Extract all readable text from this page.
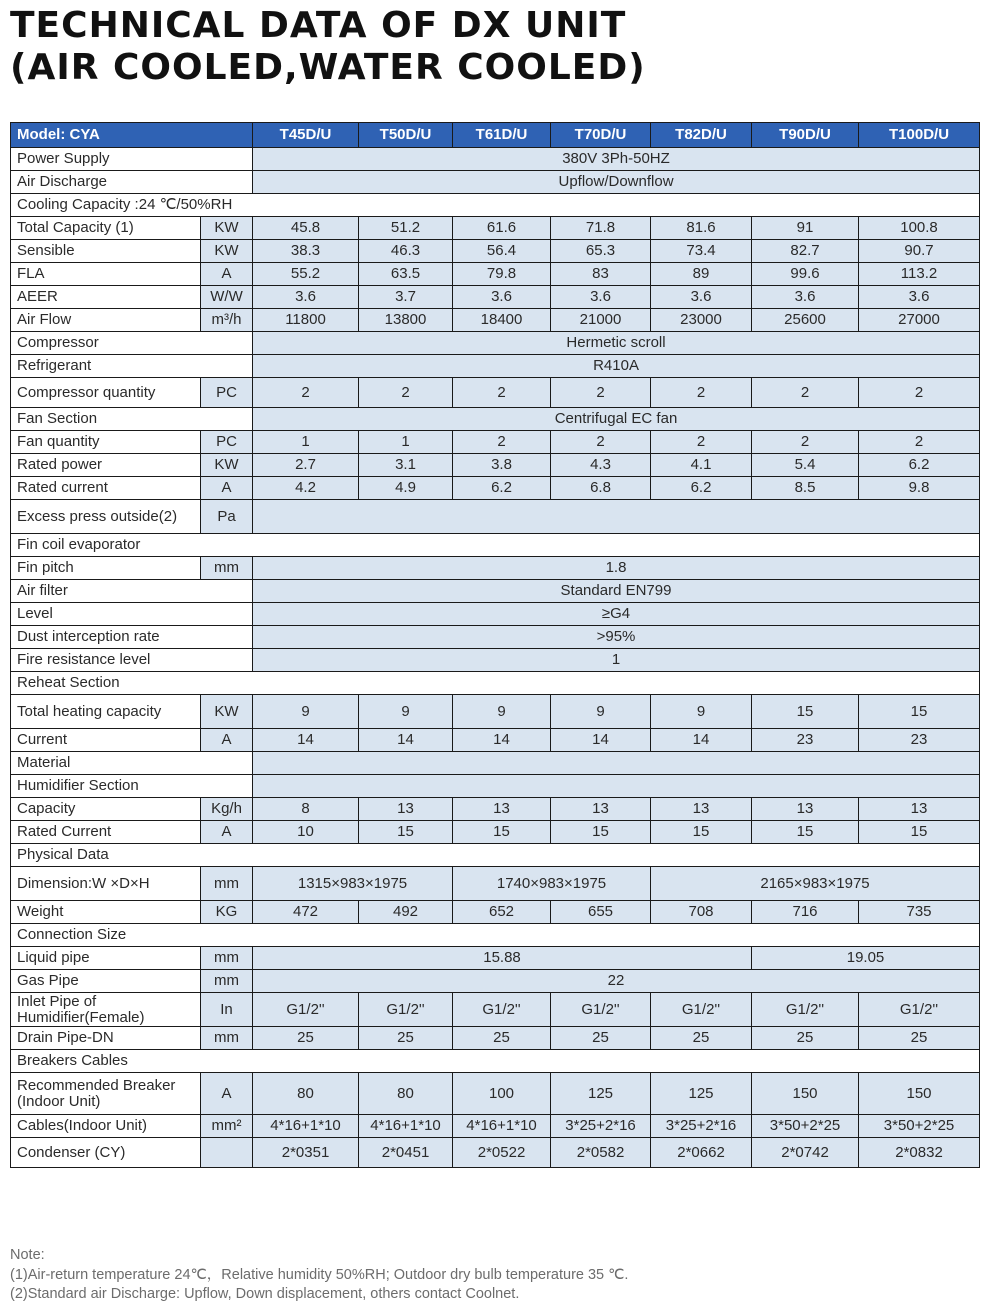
TECHNICAL DATA OF DX UNIT
(AIR COOLED,WATER COOLED)
Model: CYA		T45D/U	T50D/U	T61D/U	T70D/U	T82D/U	T90D/U	T100D/U
Power Supply		380V 3Ph-50HZ						
Air Discharge		Upflow/Downflow						
Cooling Capacity :24 ℃/50%RH								
Total Capacity (1)	KW	45.8	51.2	61.6	71.8	81.6	91	100.8
Sensible	KW	38.3	46.3	56.4	65.3	73.4	82.7	90.7
FLA	A	55.2	63.5	79.8	83	89	99.6	113.2
AEER	W/W	3.6	3.7	3.6	3.6	3.6	3.6	3.6
Air Flow	m³/h	11800	13800	18400	21000	23000	25600	27000
Compressor		Hermetic scroll						
Refrigerant		R410A						
Compressor quantity	PC	2	2	2	2	2	2	2
Fan Section		Centrifugal EC fan						
Fan quantity	PC	1	1	2	2	2	2	2
Rated power	KW	2.7	3.1	3.8	4.3	4.1	5.4	6.2
Rated current	A	4.2	4.9	6.2	6.8	6.2	8.5	9.8
Excess press outside(2)	Pa							
Fin coil evaporator								
Fin pitch	mm	1.8						
Air filter		Standard EN799						
Level		≥G4						
Dust interception rate		>95%						
Fire resistance level		1						
Reheat Section								
Total heating capacity	KW	9	9	9	9	9	15	15
Current	A	14	14	14	14	14	23	23
Material								
Humidifier Section								
Capacity	Kg/h	8	13	13	13	13	13	13
Rated Current	A	10	15	15	15	15	15	15
Physical Data								
Dimension:W ×D×H	mm	1315×983×1975		1740×983×1975		2165×983×1975		
Weight	KG	472	492	652	655	708	716	735
Connection Size								
Liquid pipe	mm	15.88					19.05	
Gas Pipe	mm	22						
Inlet Pipe of Humidifier(Female)	In	G1/2''	G1/2''	G1/2''	G1/2''	G1/2''	G1/2''	G1/2''
Drain Pipe-DN	mm	25	25	25	25	25	25	25
Breakers Cables								
Recommended Breaker (Indoor Unit)	A	80	80	100	125	125	150	150
Cables(Indoor Unit)	mm²	4*16+1*10	4*16+1*10	4*16+1*10	3*25+2*16	3*25+2*16	3*50+2*25	3*50+2*25
Condenser (CY)		2*0351	2*0451	2*0522	2*0582	2*0662	2*0742	2*0832
Note:
(1)Air-return temperature 24℃，Relative humidity 50%RH; Outdoor dry bulb temperature 35 ℃.
(2)Standard air Discharge: Upflow, Down displacement, others contact Coolnet.
